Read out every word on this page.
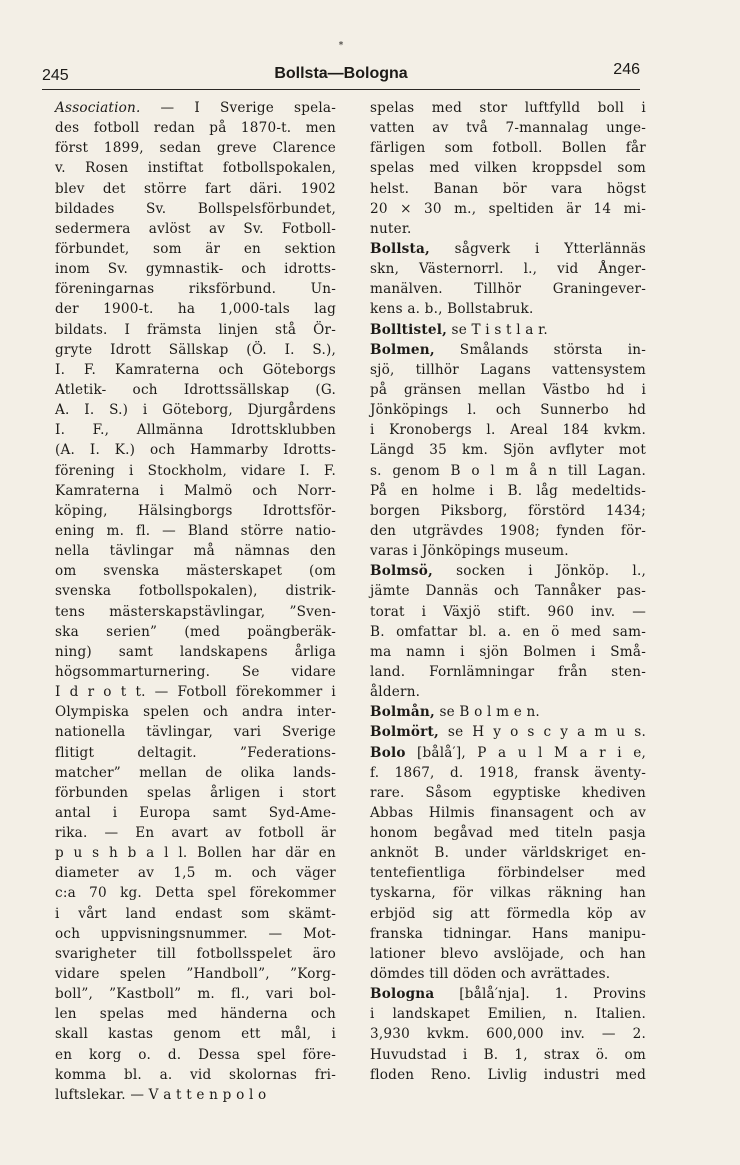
*
245	Bollsta—Bologna	246
Association. — I Sverige spela-
des fotboll redan på 1870-t. men
först 1899, sedan greve Clarence
v. Rosen instiftat fotbollspokalen,
blev det större fart däri. 1902
bildades Sv. Bollspelsförbundet,
sedermera avlöst av Sv. Fotboll-
förbundet, som är en sektion
inom Sv. gymnastik- och idrotts-
föreningarnas riksförbund. Un-
der 1900-t. ha 1,000-tals lag
bildats. I främsta linjen stå Ör-
gryte Idrott Sällskap (Ö. I. S.),
I. F. Kamraterna och Göteborgs
Atletik- och Idrottssällskap (G.
A. I. S.) i Göteborg, Djurgårdens
I. F., Allmänna Idrottsklubben
(A. I. K.) och Hammarby Idrotts-
förening i Stockholm, vidare I. F.
Kamraterna i Malmö och Norr-
köping, Hälsingborgs Idrottsför-
ening m. fl. — Bland större natio-
nella tävlingar må nämnas den
om svenska mästerskapet (om
svenska fotbollspokalen), distrik-
tens mästerskapstävlingar, ”Sven-
ska serien” (med poängberäk-
ning) samt landskapens årliga
högsommarturnering. Se vidare
I d r o t t. — Fotboll förekommer i
Olympiska spelen och andra inter-
nationella tävlingar, vari Sverige
flitigt deltagit. ”Federations-
matcher” mellan de olika lands-
förbunden spelas årligen i stort
antal i Europa samt Syd-Ame-
rika. — En avart av fotboll är
p u s h b a l l. Bollen har där en
diameter av 1,5 m. och väger
c:a 70 kg. Detta spel förekommer
i vårt land endast som skämt-
och uppvisningsnummer. — Mot-
svarigheter till fotbollsspelet äro
vidare spelen ”Handboll”, ”Korg-
boll”, ”Kastboll” m. fl., vari bol-
len spelas med händerna och
skall kastas genom ett mål, i
en korg o. d. Dessa spel före-
komma bl. a. vid skolornas fri-
luftslekar. — V a t t e n p o l o
spelas med stor luftfylld boll i
vatten av två 7-mannalag unge-
färligen som fotboll. Bollen får
spelas med vilken kroppsdel som
helst. Banan bör vara högst
20 × 30 m., speltiden är 14 mi-
nuter.
Bollsta, sågverk i Ytterlännäs
skn, Västernorrl. l., vid Ånger-
manälven. Tillhör Graningever-
kens a. b., Bollstabruk.
Bolltistel, se T i s t l a r.
Bolmen, Smålands största in-
sjö, tillhör Lagans vattensystem
på gränsen mellan Västbo hd i
Jönköpings l. och Sunnerbo hd
i Kronobergs l. Areal 184 kvkm.
Längd 35 km. Sjön avflyter mot
s. genom B o l m å n till Lagan.
På en holme i B. låg medeltids-
borgen Piksborg, förstörd 1434;
den utgrävdes 1908; fynden för-
varas i Jönköpings museum.
Bolmsö, socken i Jönköp. l.,
jämte Dannäs och Tannåker pas-
torat i Växjö stift. 960 inv. —
B. omfattar bl. a. en ö med sam-
ma namn i sjön Bolmen i Små-
land. Fornlämningar från sten-
åldern.
Bolmån, se B o l m e n.
Bolmört, se H y o s c y a m u s.
Bolo [bålå′], P a u l M a r i e,
f. 1867, d. 1918, fransk äventy-
rare. Såsom egyptiske khediven
Abbas Hilmis finansagent och av
honom begåvad med titeln pasja
anknöt B. under världskriget en-
tentefientliga förbindelser med
tyskarna, för vilkas räkning han
erbjöd sig att förmedla köp av
franska tidningar. Hans manipu-
lationer blevo avslöjade, och han
dömdes till döden och avrättades.
Bologna [bålå′nja]. 1. Provins
i landskapet Emilien, n. Italien.
3,930 kvkm. 600,000 inv. — 2.
Huvudstad i B. 1, strax ö. om
floden Reno. Livlig industri med
